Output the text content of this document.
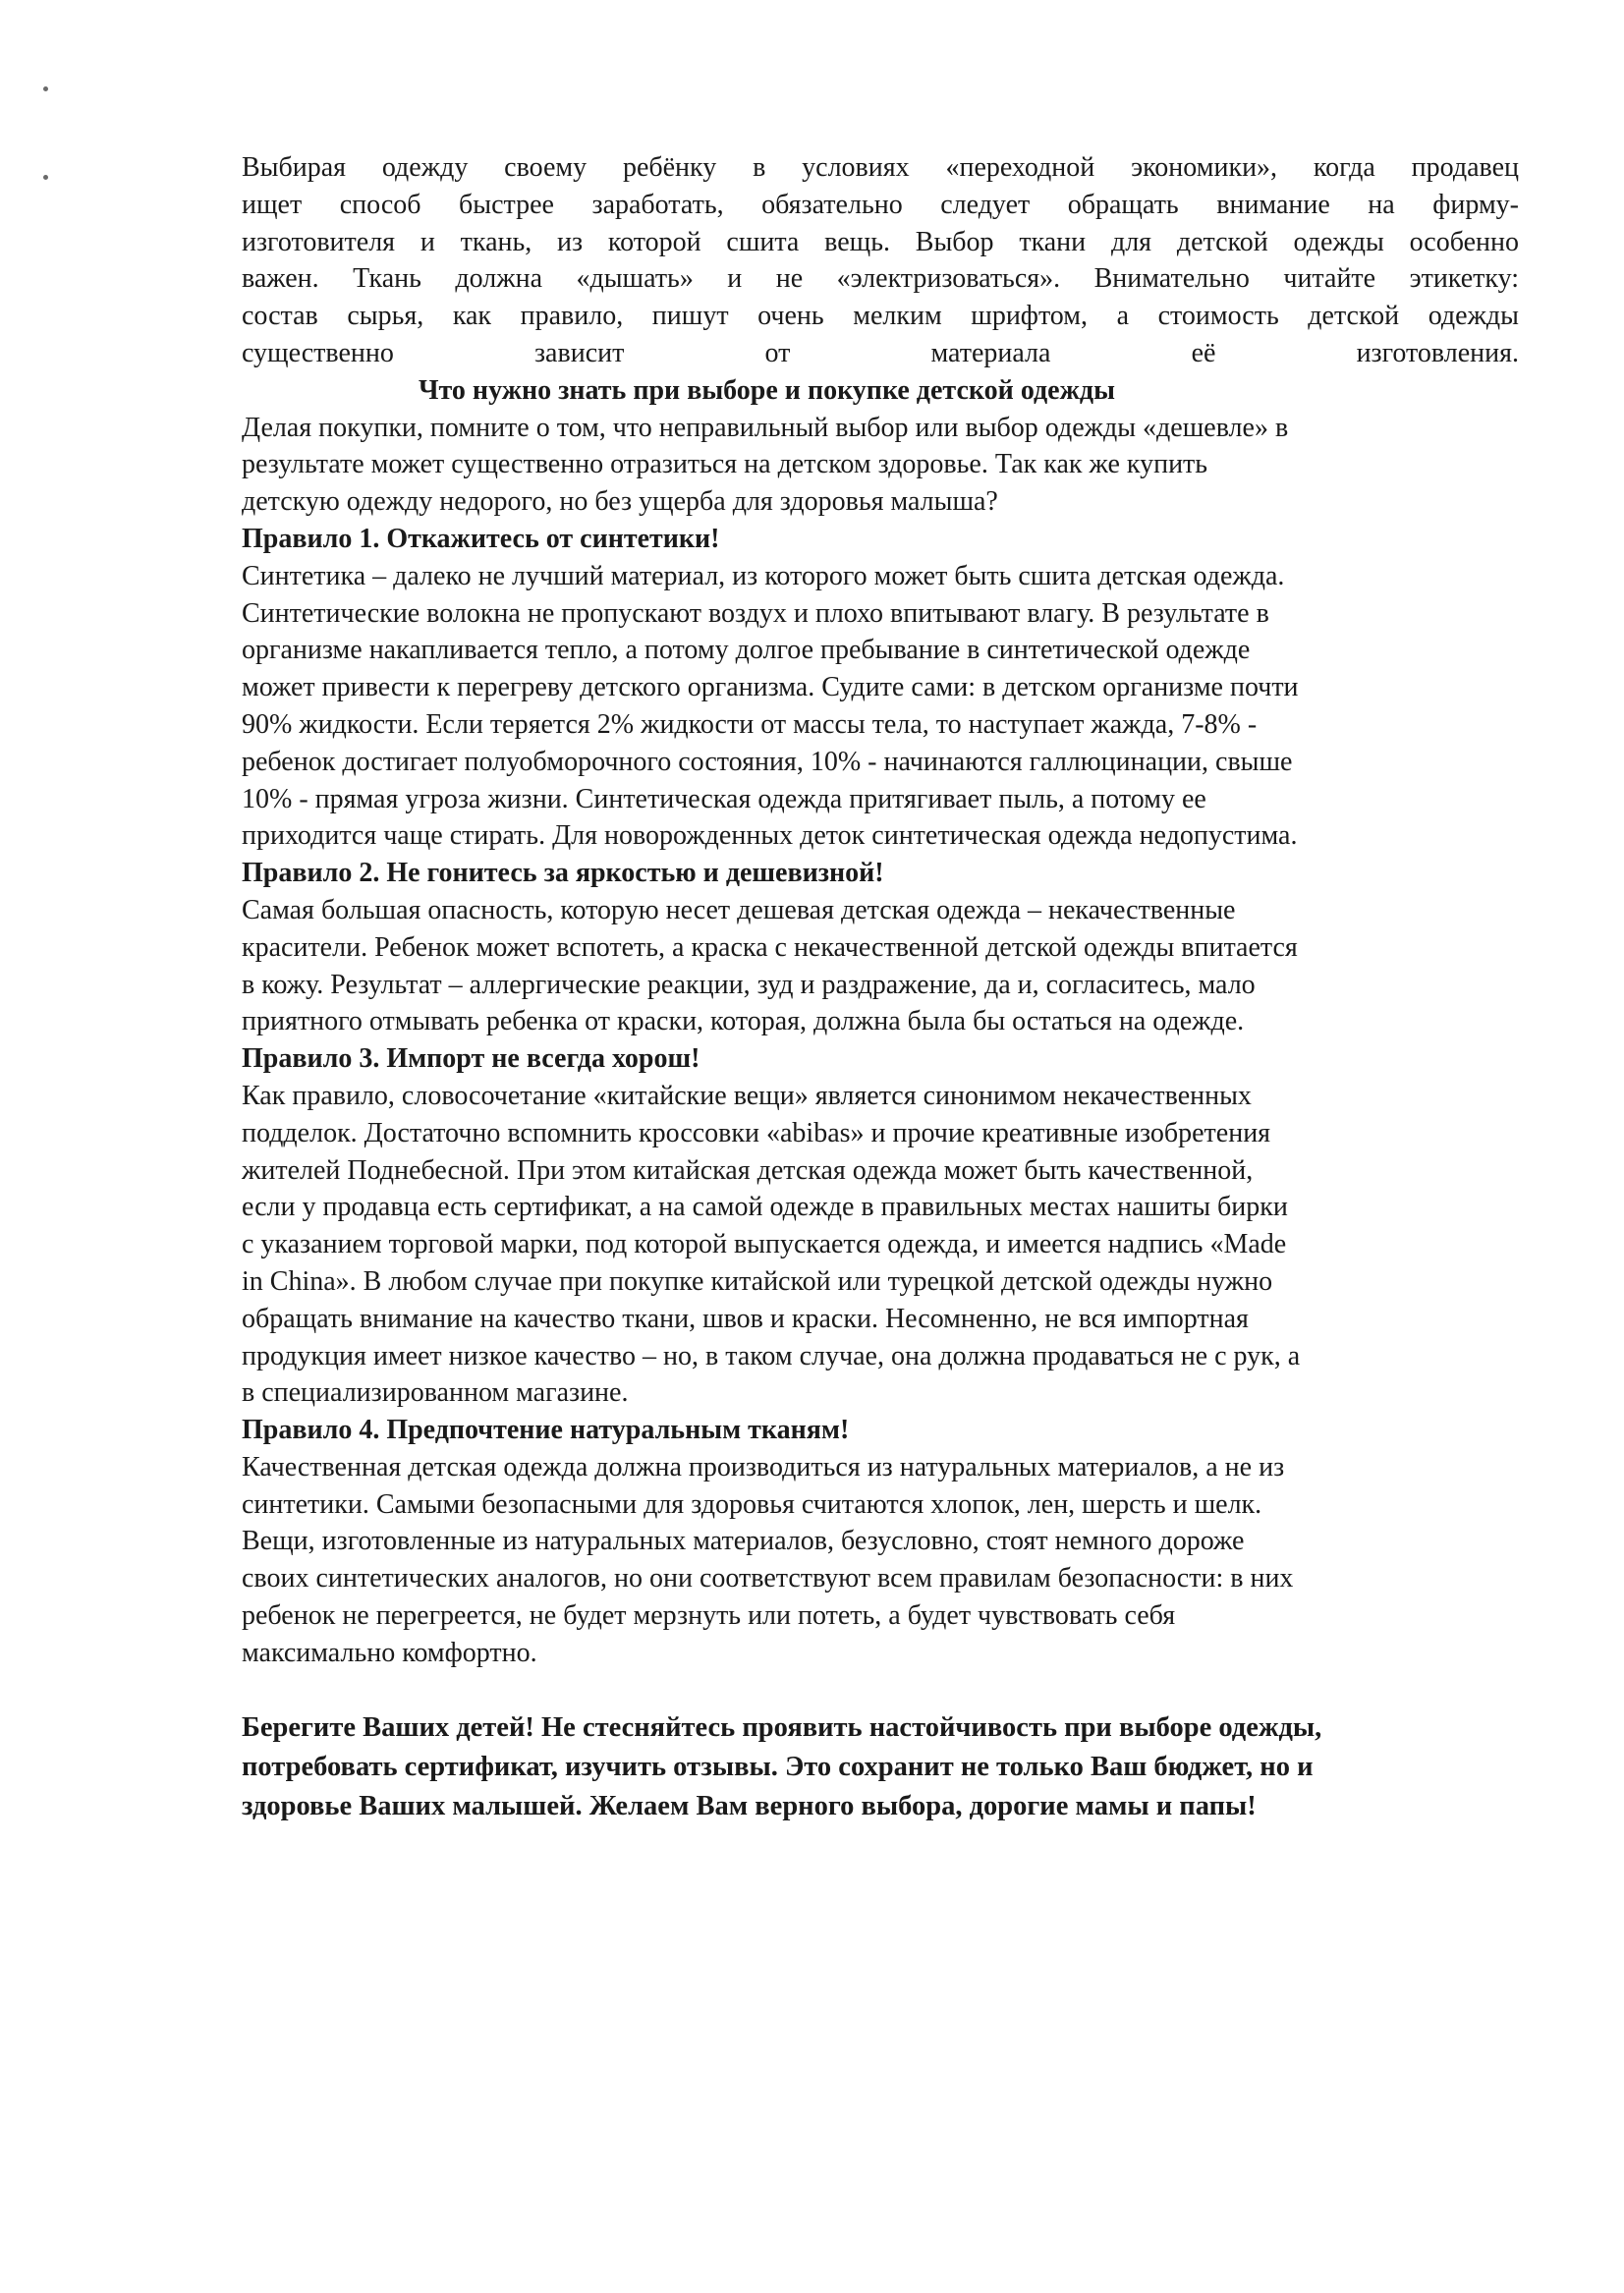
Выбирая одежду своему ребёнку в условиях «переходной экономики», когда продавец
ищет способ быстрее заработать, обязательно следует обращать внимание на фирму-
изготовителя и ткань, из которой сшита вещь. Выбор ткани для детской одежды особенно
важен. Ткань должна «дышать» и не «электризоваться». Внимательно читайте этикетку:
состав сырья, как правило, пишут очень мелким шрифтом, а стоимость детской одежды
существенно зависит от материала её изготовления.
Что нужно знать при выборе и покупке детской одежды
Делая покупки, помните о том, что неправильный выбор или выбор одежды «дешевле» в
результате может существенно отразиться на детском здоровье. Так как же купить
детскую одежду недорого, но без ущерба для здоровья малыша?
Правило 1. Откажитесь от синтетики!
Синтетика – далеко не лучший материал, из которого может быть сшита детская одежда.
Синтетические волокна не пропускают воздух и плохо впитывают влагу. В результате в
организме накапливается тепло, а потому долгое пребывание в синтетической одежде
может привести к перегреву детского организма. Судите сами: в детском организме почти
90% жидкости. Если теряется 2% жидкости от массы тела, то наступает жажда, 7-8% -
ребенок достигает полуобморочного состояния, 10% - начинаются галлюцинации, свыше
10% - прямая угроза жизни. Синтетическая одежда притягивает пыль, а потому ее
приходится чаще стирать. Для новорожденных деток синтетическая одежда недопустима.
Правило 2. Не гонитесь за яркостью и дешевизной!
Самая большая опасность, которую несет дешевая детская одежда – некачественные
красители. Ребенок может вспотеть, а краска с некачественной детской одежды впитается
в кожу. Результат – аллергические реакции, зуд и раздражение, да и, согласитесь, мало
приятного отмывать ребенка от краски, которая, должна была бы остаться на одежде.
Правило 3. Импорт не всегда хорош!
Как правило, словосочетание «китайские вещи» является синонимом некачественных
подделок. Достаточно вспомнить кроссовки «abibas» и прочие креативные изобретения
жителей Поднебесной. При этом китайская детская одежда может быть качественной,
если у продавца есть сертификат, а на самой одежде в правильных местах нашиты бирки
с указанием торговой марки, под которой выпускается одежда, и имеется надпись «Made
in China». В любом случае при покупке китайской или турецкой детской одежды нужно
обращать внимание на качество ткани, швов и краски. Несомненно, не вся импортная
продукция имеет низкое качество – но, в таком случае, она должна продаваться не с рук, а
в специализированном магазине.
Правило 4. Предпочтение натуральным тканям!
Качественная детская одежда должна производиться из натуральных материалов, а не из
синтетики. Самыми безопасными для здоровья считаются хлопок, лен, шерсть и шелк.
Вещи, изготовленные из натуральных материалов, безусловно, стоят немного дороже
своих синтетических аналогов, но они соответствуют всем правилам безопасности: в них
ребенок не перегреется, не будет мерзнуть или потеть, а будет чувствовать себя
максимально комфортно.
Берегите Ваших детей! Не стесняйтесь проявить настойчивость при выборе одежды,
потребовать сертификат, изучить отзывы. Это сохранит не только Ваш бюджет, но и
здоровье Ваших малышей. Желаем Вам верного выбора, дорогие мамы и папы!
